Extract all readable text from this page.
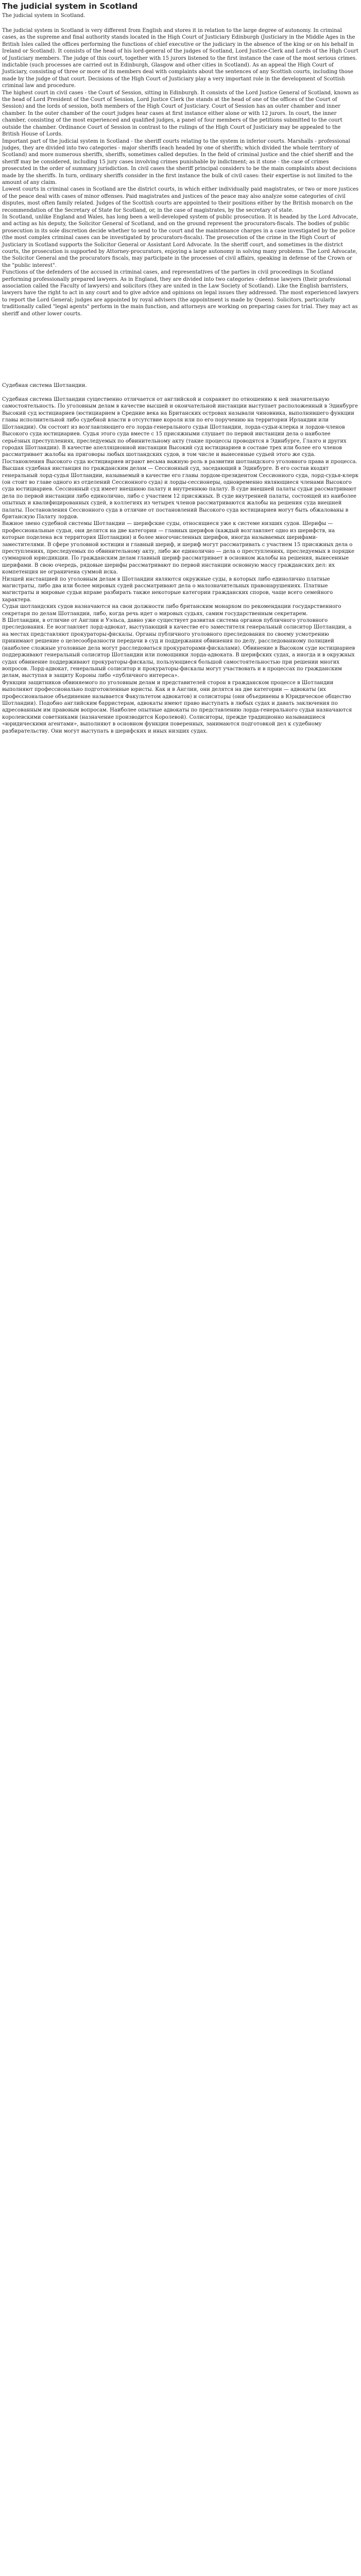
The judicial system in Scotland
The judicial system in Scotland.

The judicial system in Scotland is very different from English and stores it in relation to the large degree of autonomy. In criminal cases, as the supreme and final authority stands located in the High Court of Justiciary Edinburgh (Justiciary in the Middle Ages in the British Isles called the offices performing the functions of chief executive or the judiciary in the absence of the king or on his behalf in Ireland or Scotland). It consists of the head of his lord-general of the judges of Scotland, Lord Justice-Clerk and Lords of the High Court of Justiciary members. The judge of this court, together with 15 jurors listened to the first instance the case of the most serious crimes. indictable (such processes are carried out in Edinburgh, Glasgow and other cities in Scotland). As an appeal the High Court of Justiciary, consisting of three or more of its members deal with complaints about the sentences of any Scottish courts, including those made by the judge of that court. Decisions of the High Court of Justiciary play a very important role in the development of Scottish criminal law and procedure.

The highest court in civil cases - the Court of Session, sitting in Edinburgh. It consists of the Lord Justice General of Scotland, known as the head of Lord President of the Court of Session, Lord Justice Clerk (he stands at the head of one of the offices of the Court of Session) and the lords of session, both members of the High Court of Justiciary. Court of Session has an outer chamber and inner chamber. In the outer chamber of the court judges hear cases at first instance either alone or with 12 jurors. In court, the inner chamber, consisting of the most experienced and qualified judges, a panel of four members of the petitions submitted to the court outside the chamber. Ordinance Court of Session in contrast to the rulings of the High Court of Justiciary may be appealed to the British House of Lords.

Important part of the judicial system in Scotland - the sheriff courts relating to the system in inferior courts. Marshalls - professional judges, they are divided into two categories - major sheriffs (each headed by one of sheriffs; which divided the whole territory of Scotland) and more numerous sheriffs, sheriffs, sometimes called deputies. In the field of criminal justice and the chief sheriff and the sheriff may be considered, including 15 jury cases involving crimes punishable by indictment; as it stone - the case of crimes prosecuted in the order of summary jurisdiction. In civil cases the sheriff principal considers to be the main complaints about decisions made by the sheriffs. In turn, ordinary sheriffs consider in the first instance the bulk of civil cases: their expertise is not limited to the amount of any claim.

Lowest courts in criminal cases in Scotland are the district courts, in which either individually paid magistrates, or two or more justices of the peace deal with cases of minor offenses. Paid magistrates and justices of the peace may also analyze some categories of civil disputes, most often family related. Judges of the Scottish courts are appointed to their positions either by the British monarch on the recommendation of the Secretary of State for Scotland, or, in the case of magistrates, by the secretary of state.

In Scotland, unlike England and Wales, has long been a well-developed system of public prosecution. It is headed by the Lord Advocate, and acting as his deputy, the Solicitor General of Scotland, and on the ground represent the procurators-fiscals. The bodies of public prosecution in its sole discretion decide whether to send to the court and the maintenance charges in a case investigated by the police (the most complex criminal cases can be investigated by procurators-fiscals). The prosecution of the crime in the High Court of Justiciary in Scotland supports the Solicitor General or Assistant Lord Advocate. In the sheriff court, and sometimes in the district courts, the prosecution is supported by Attorney-procurators, enjoying a large autonomy in solving many problems. The Lord Advocate, the Solicitor General and the procurators fiscals, may participate in the processes of civil affairs, speaking in defense of the Crown or the "public interest".

Functions of the defenders of the accused in criminal cases, and representatives of the parties in civil proceedings in Scotland performing professionally prepared lawyers. As in England, they are divided into two categories - defense lawyers (their professional association called the Faculty of lawyers) and solicitors (they are united in the Law Society of Scotland). Like the English barristers, lawyers have the right to act in any court and to give advice and opinions on legal issues they addressed. The most experienced lawyers to report the Lord General; judges are appointed by royal advisers (the appointment is made by Queen). Solicitors, particularly traditionally called "legal agents" perform in the main function, and attorneys are working on preparing cases for trial. They may act as sheriff and other lower courts.

Судебная система Шотландии.

Судебная система Шотландии существенно отличается от английской и сохраняет по отношению к ней значительную самостоятельность. По уголовным делам в качестве высшей и окончательной инстанции выступает расположенный в Эдинбурге Высокий суд юстициариев (юстициарием в Средние века на Британских островах называли чиновника, выполнявшего функции главы исполнительной либо судебной власти в отсутствие короля или по его поручению на территории Ирландии или Шотландии). Он состоит из возглавляющего его лорда-генерального судьи Шотландии, лорда-судьи-клерка и лордов-членов Высокого суда юстициариев. Судья этого суда вместе с 15 присяжными слушает по первой инстанции дела о наиболее серьёзных преступлениях, преследуемых по обвинительному акту (такие процессы проводятся в Эдинбурге, Глазго и других городах Шотландии). В качестве апелляционной инстанции Высокий суд юстициариев в составе трех или более его членов рассматривает жалобы на приговоры любых шотландских судов, в том числе и вынесенные судьей этого же суда. Постановления Высокого суда юстициариев играют весьма важную роль в развитии шотландского уголовного права и процесса.

Высшая судебная инстанция по гражданским делам — Сессионный суд, заседающий в Эдинбурге. В его состав входят генеральный лорд-судья Шотландии, называемый в качестве его главы лордом-президентом Сессионного суда, лорд-судья-клерк (он стоит во главе одного из отделений Сессионного суда) и лорды-сессионеры, одновременно являющиеся членами Высокого суда юстициариев. Сессионный суд имеет внешнюю палату и внутреннюю палату. В суде внешней палаты судьи рассматривают дела по первой инстанции либо единолично, либо с участием 12 присяжных. В суде внутренней палаты, состоящей из наиболее опытных и квалифицированных судей, в коллегиях из четырех членов рассматриваются жалобы на решения суда внешней палаты. Постановления Сессионного суда в отличие от постановлений Высокого суда юстициариев могут быть обжалованы в британскую Палату лордов.

Важное звено судебной системы Шотландии — шерифские суды, относящиеся уже к системе низших судов. Шерифы — профессиональные судьи, они делятся на две категории — главных шерифов (каждый возглавляет одно из шерифств, на которые поделена вся территория Шотландии) и более многочисленных шерифов, иногда называемых шерифами-заместителями. В сфере уголовной юстиции и главный шериф, и шериф могут рассматривать с участием 15 присяжных дела о преступлениях, преследуемых по обвинительному акту, либо же единолично — дела о преступлениях, преследуемых в порядке суммарной юрисдикции. По гражданским делам главный шериф рассматривает в основном жалобы на решения, вынесенные шерифами. В свою очередь, рядовые шерифы рассматривают по первой инстанции основную массу гражданских дел: их компетенция не ограничена суммой иска.

Низшей инстанцией по уголовным делам в Шотландии являются окружные суды, в которых либо единолично платные магистраты, либо два или более мировых судей рассматривают дела о малозначительных правонарушениях. Платные магистраты и мировые судьи вправе разбирать также некоторые категории гражданских споров, чаще всего семейного характера.

Судьи шотландских судов назначаются на свои должности либо британским монархом по рекомендации государственного секретаря по делам Шотландии, либо, когда речь идет о мировых судьях, самим государственным секретарем.

В Шотландии, в отличие от Англии и Уэльса, давно уже существует развитая система органов публичного уголовного преследования. Ее возглавляет лорд-адвокат, выступающий в качестве его заместителя генеральный солиситор Шотландии, а на местах представляют прокураторы-фискалы. Органы публичного уголовного преследования по своему усмотрению принимают решение о целесообразности передачи в суд и поддержания обвинения по делу, расследованному полицией (наиболее сложные уголовные дела могут расследоваться прокураторами-фискалами). Обвинение в Высоком суде юстициариев поддерживают генеральный солиситор Шотландии или помощники лорда-адвоката. В шерифских судах, а иногда и в окружных судах обвинение поддерживают прокураторы-фискалы, пользующиеся большой самостоятельностью при решении многих вопросов. Лорд-адвокат, генеральный солиситор и прокураторы-фискалы могут участвовать и в процессах по гражданским делам, выступая в защиту Короны либо «публичного интереса».

Функции защитников обвиняемого по уголовным делам и представителей сторон в гражданском процессе в Шотландии выполняют профессионально подготовленные юристы. Как и в Англии, они делятся на две категории — адвокаты (их профессиональное объединение называется Факультетом адвокатов) и солиситоры (они объединены в Юридическое общество Шотландии). Подобно английским барристерам, адвокаты имеют право выступать в любых судах и давать заключения по адресованным им правовым вопросам. Наиболее опытные адвокаты по представлению лорда-генерального судьи назначаются королевскими советниками (назначение производится Королевой). Солиситоры, прежде традиционно называвшиеся «юридическими агентами», выполняют в основном функции поверенных, занимаются подготовкой дел к судебному разбирательству. Они могут выступать в шерифских и иных низших судах.
